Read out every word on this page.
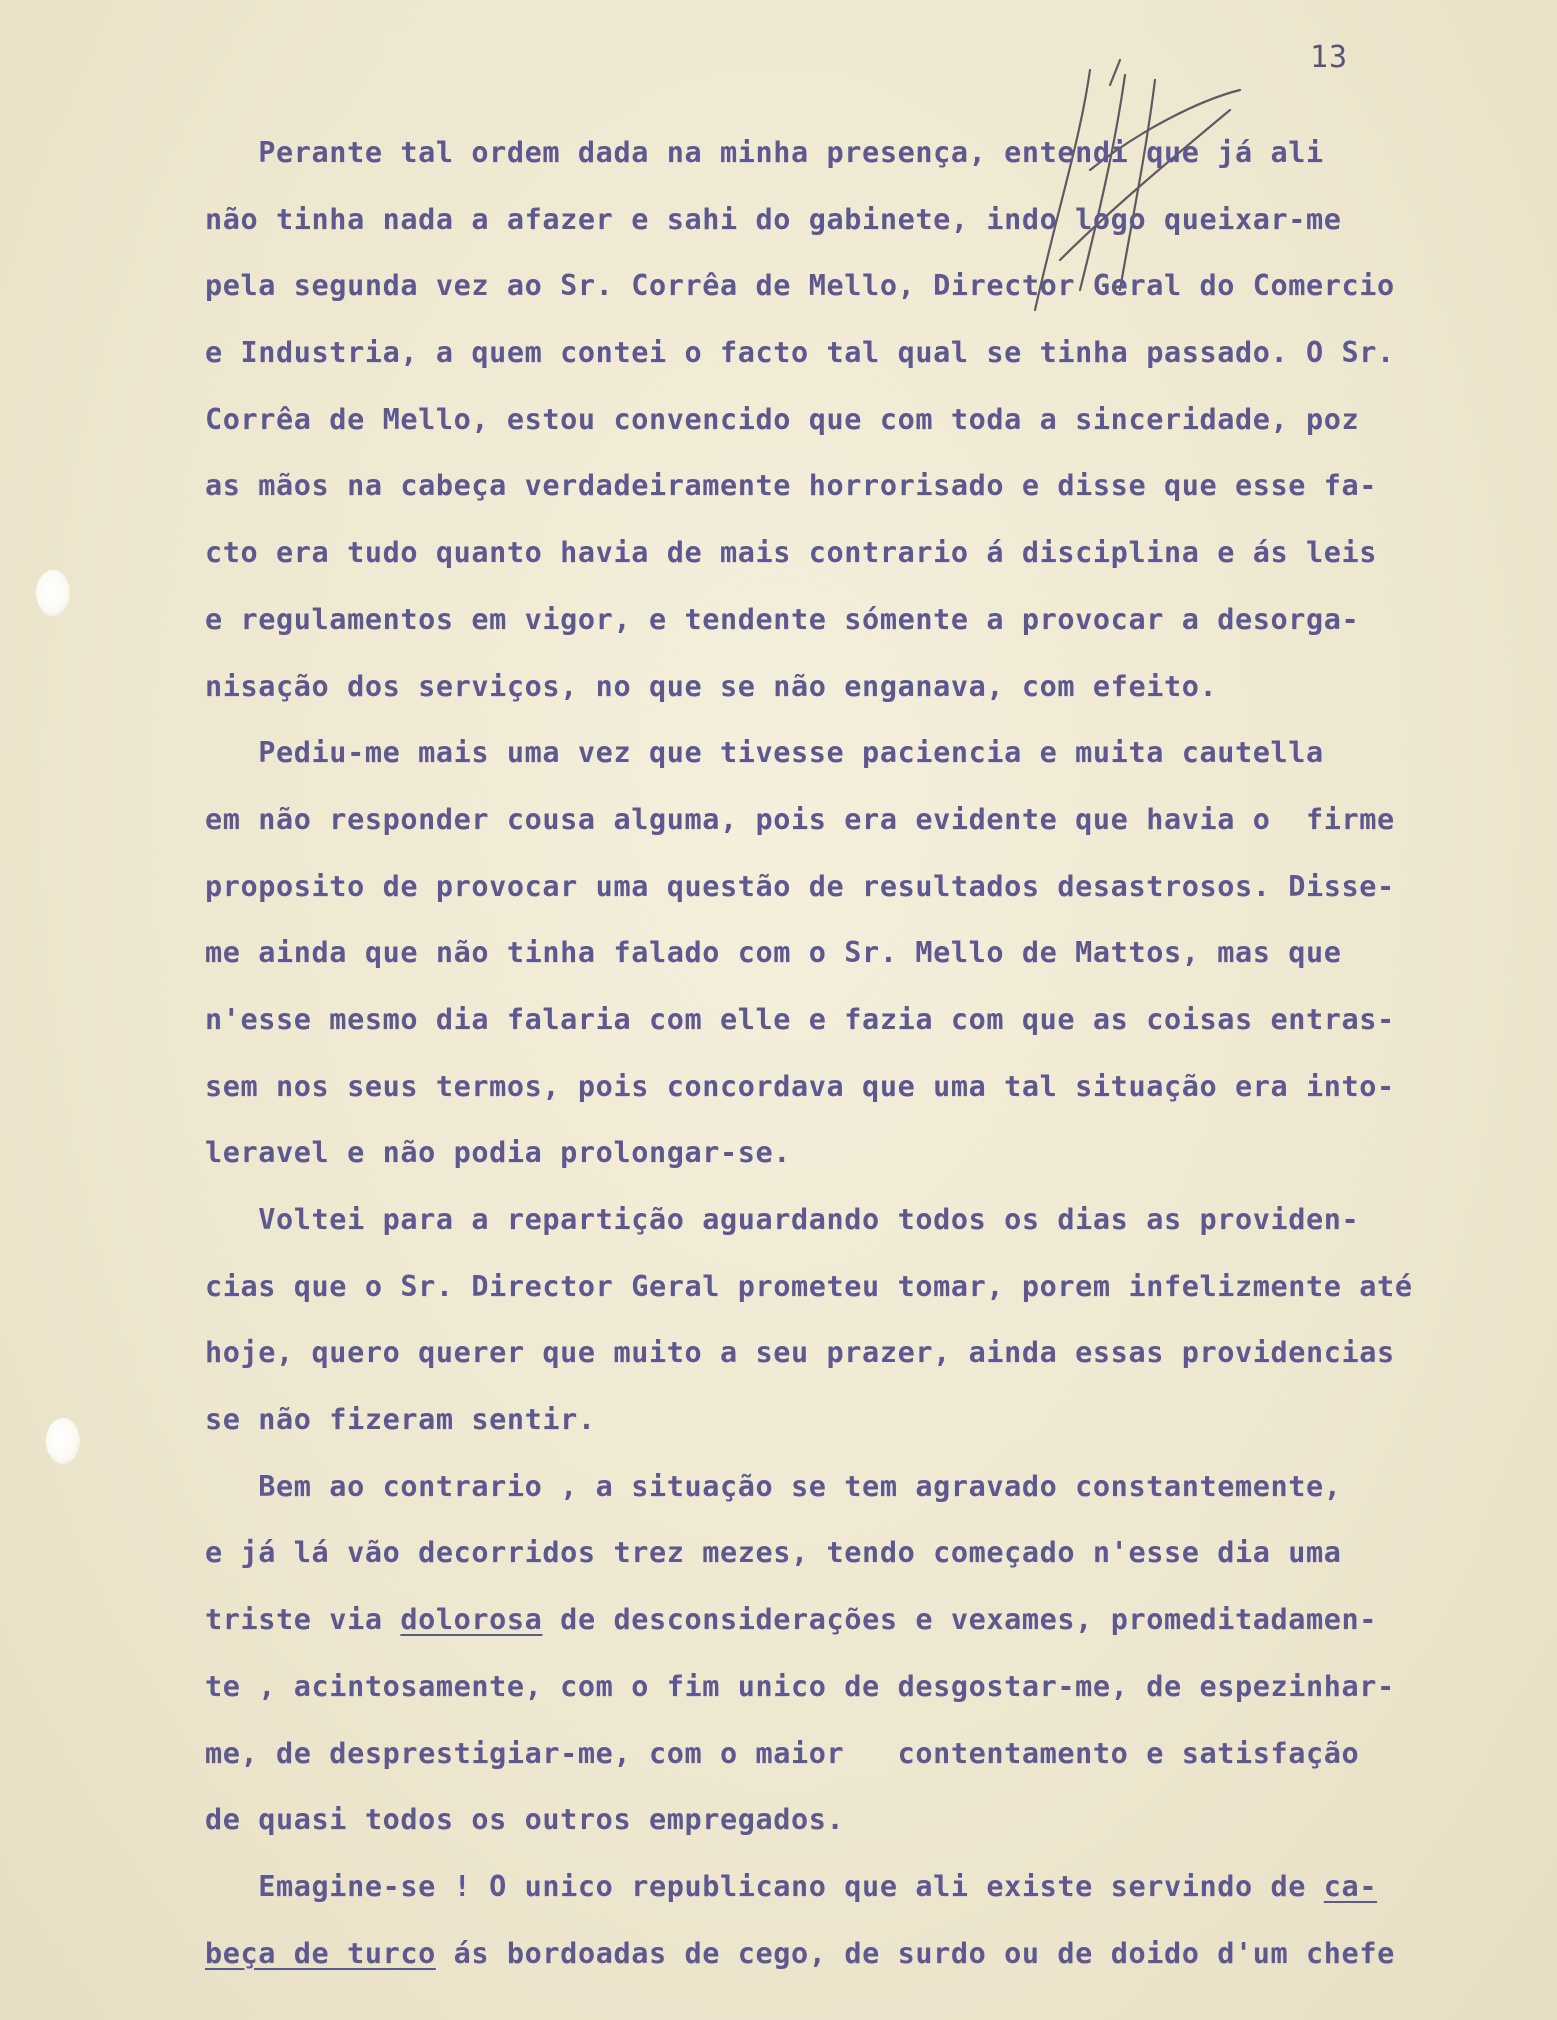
13
Perante tal ordem dada na minha presença, entendi que já ali
não tinha nada a afazer e sahi do gabinete, indo logo queixar-me
pela segunda vez ao Sr. Corrêa de Mello, Director Geral do Comercio
e Industria, a quem contei o facto tal qual se tinha passado. O Sr.
Corrêa de Mello, estou convencido que com toda a sinceridade, poz
as mãos na cabeça verdadeiramente horrorisado e disse que esse fa-
cto era tudo quanto havia de mais contrario á disciplina e ás leis
e regulamentos em vigor, e tendente sómente a provocar a desorga-
nisação dos serviços, no que se não enganava, com efeito.
Pediu-me mais uma vez que tivesse paciencia e muita cautella
em não responder cousa alguma, pois era evidente que havia o  firme
proposito de provocar uma questão de resultados desastrosos. Disse-
me ainda que não tinha falado com o Sr. Mello de Mattos, mas que
n'esse mesmo dia falaria com elle e fazia com que as coisas entras-
sem nos seus termos, pois concordava que uma tal situação era into-
leravel e não podia prolongar-se.
Voltei para a repartição aguardando todos os dias as providen-
cias que o Sr. Director Geral prometeu tomar, porem infelizmente até
hoje, quero querer que muito a seu prazer, ainda essas providencias
se não fizeram sentir.
Bem ao contrario , a situação se tem agravado constantemente,
e já lá vão decorridos trez mezes, tendo começado n'esse dia uma
triste via dolorosa de desconsiderações e vexames, promeditadamen-
te , acintosamente, com o fim unico de desgostar-me, de espezinhar-
me, de desprestigiar-me, com o maior   contentamento e satisfação
de quasi todos os outros empregados.
Emagine-se ! O unico republicano que ali existe servindo de ca-
beça de turco ás bordoadas de cego, de surdo ou de doido d'um chefe
